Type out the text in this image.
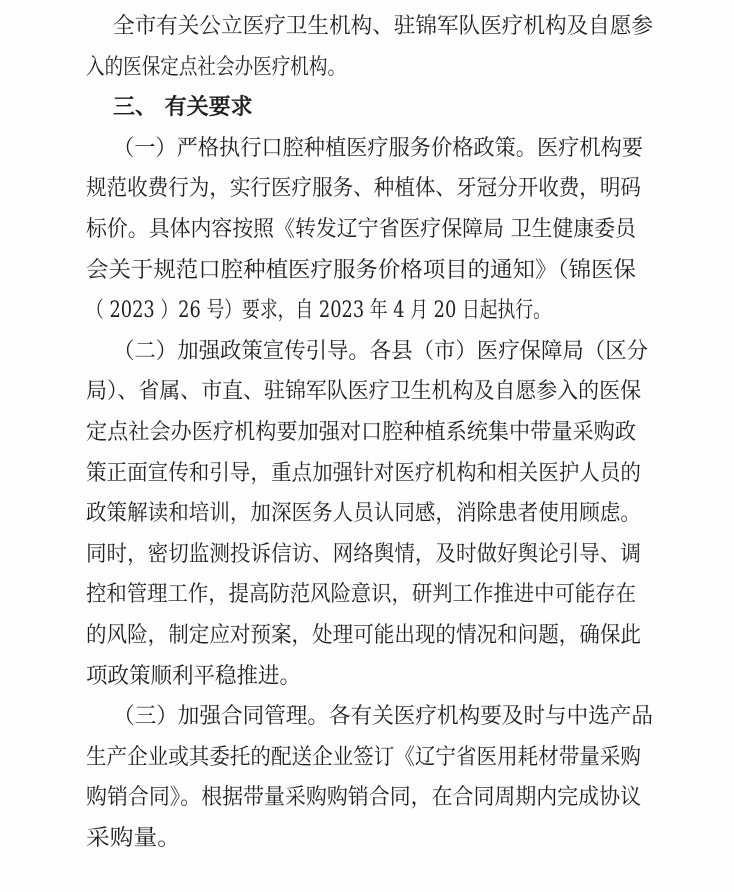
全市有关公立医疗卫生机构、驻锦军队医疗机构及自愿参
入的医保定点社会办医疗机构。
三、 有关要求
（一）严格执行口腔种植医疗服务价格政策。医疗机构要
规范收费行为，实行医疗服务、种植体、牙冠分开收费，明码
标价。具体内容按照《转发辽宁省医疗保障局 卫生健康委员
会关于规范口腔种植医疗服务价格项目的通知》（锦医保
（ 2023 ）26 号）要求，自 2023 年 4 月 20 日起执行。
（二）加强政策宣传引导。各县（市）医疗保障局（区分
局）、省属、市直、驻锦军队医疗卫生机构及自愿参入的医保
定点社会办医疗机构要加强对口腔种植系统集中带量采购政
策正面宣传和引导，重点加强针对医疗机构和相关医护人员的
政策解读和培训，加深医务人员认同感，消除患者使用顾虑。
同时，密切监测投诉信访、网络舆情，及时做好舆论引导、调
控和管理工作，提高防范风险意识，研判工作推进中可能存在
的风险，制定应对预案，处理可能出现的情况和问题，确保此
项政策顺利平稳推进。
（三）加强合同管理。各有关医疗机构要及时与中选产品
生产企业或其委托的配送企业签订《辽宁省医用耗材带量采购
购销合同》。根据带量采购购销合同，在合同周期内完成协议
采购量。
